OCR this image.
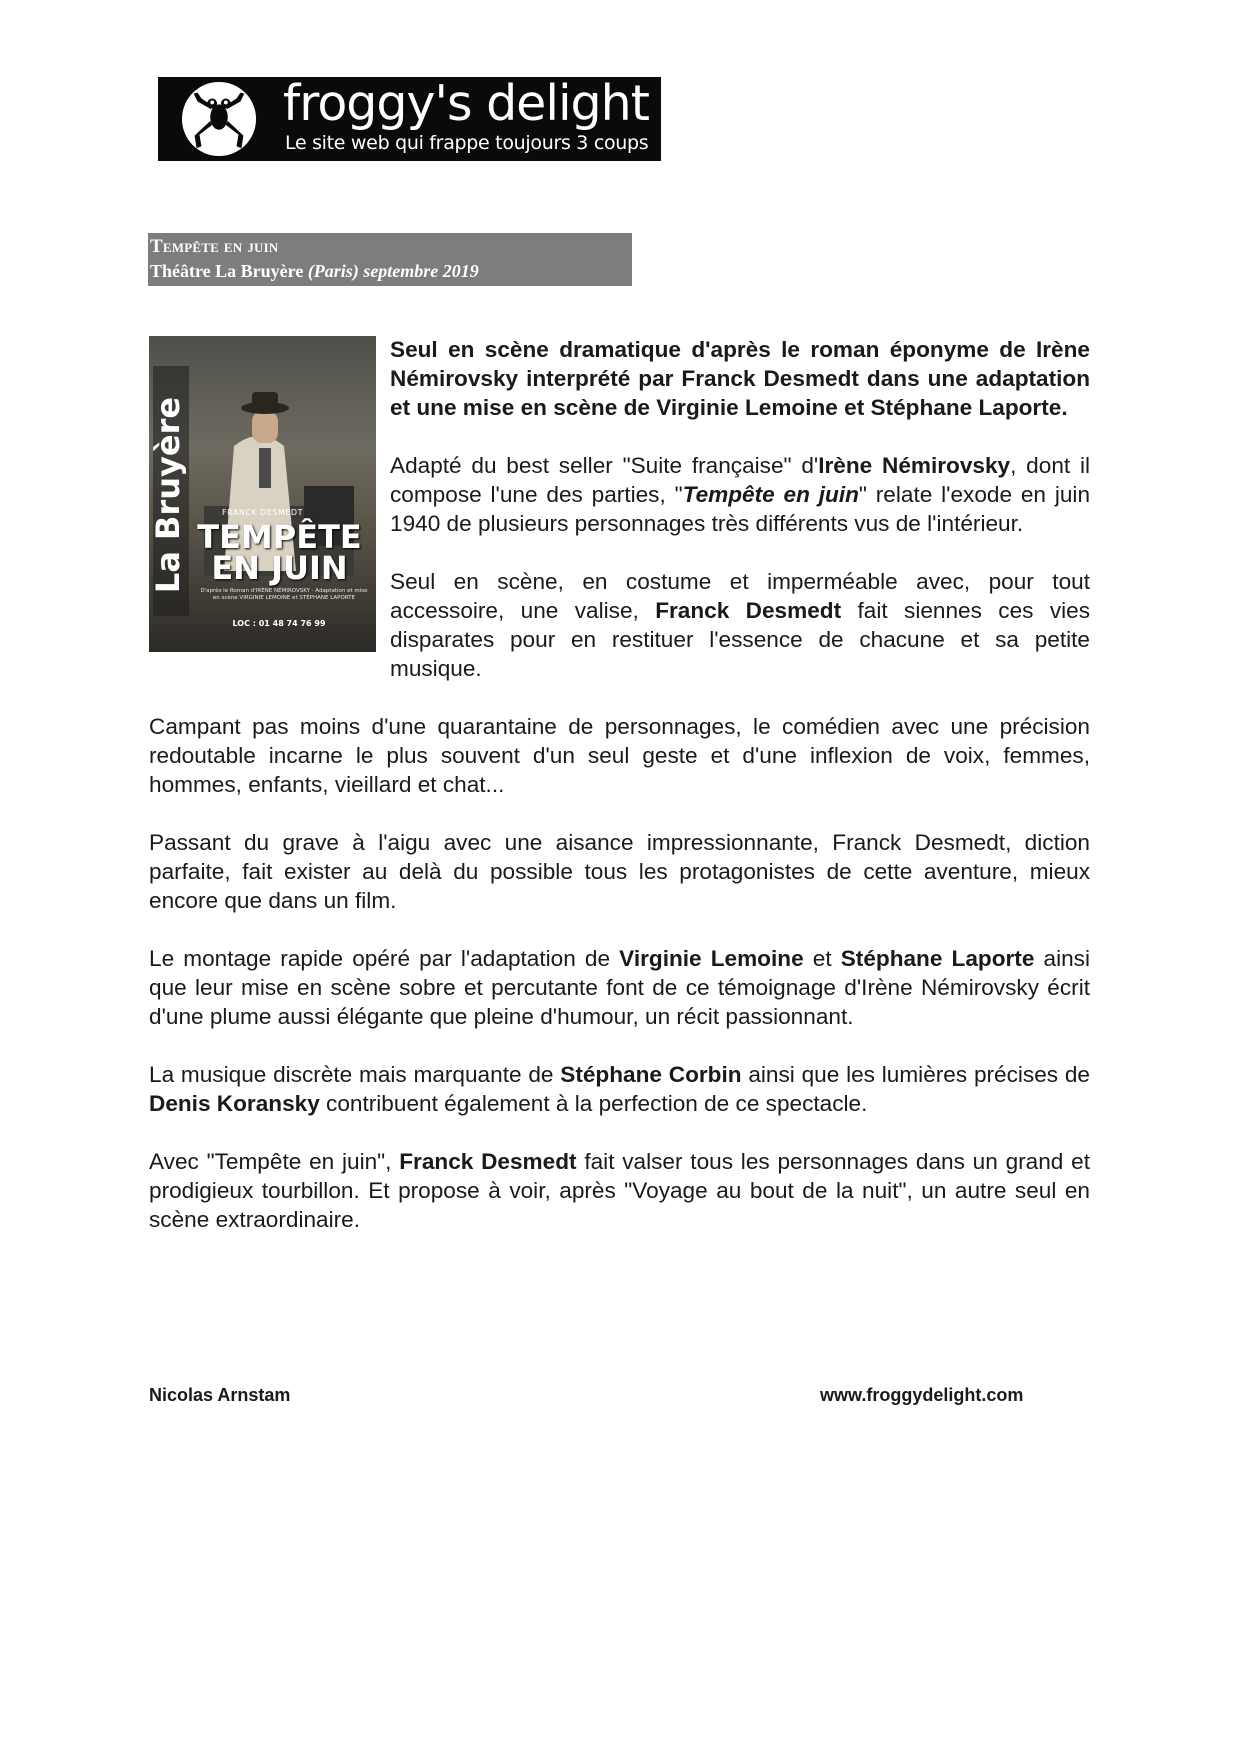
froggy's delight
Le site web qui frappe toujours 3 coups
Tempête en juin
Théâtre La Bruyère (Paris) septembre 2019
La Bruyère	FRANCK DESMEDT
TEMPÊTE
EN JUIN
D'après le Roman d'IRÈNE NÉMIROVSKY · Adaptation et mise en scène VIRGINIE LEMOINE et STÉPHANE LAPORTE
LOC : 01 48 74 76 99

Seul en scène dramatique d'après le roman éponyme de Irène Némirovsky interprété par Franck Desmedt dans une adaptation et une mise en scène de Virginie Lemoine et Stéphane Laporte.

Adapté du best seller "Suite française" d'Irène Némirovsky, dont il compose l'une des parties, "Tempête en juin" relate l'exode en juin 1940 de plusieurs personnages très différents vus de l'intérieur.

Seul en scène, en costume et imperméable avec, pour tout accessoire, une valise, Franck Desmedt fait siennes ces vies disparates pour en restituer l'essence de chacune et sa petite musique.

Campant pas moins d'une quarantaine de personnages, le comédien avec une précision redoutable incarne le plus souvent d'un seul geste et d'une inflexion de voix, femmes, hommes, enfants, vieillard et chat...

Passant du grave à l'aigu avec une aisance impressionnante, Franck Desmedt, diction parfaite, fait exister au delà du possible tous les protagonistes de cette aventure, mieux encore que dans un film.

Le montage rapide opéré par l'adaptation de Virginie Lemoine et Stéphane Laporte ainsi que leur mise en scène sobre et percutante font de ce témoignage d'Irène Némirovsky écrit d'une plume aussi élégante que pleine d'humour, un récit passionnant.

La musique discrète mais marquante de Stéphane Corbin ainsi que les lumières précises de Denis Koransky contribuent également à la perfection de ce spectacle.

Avec "Tempête en juin", Franck Desmedt fait valser tous les personnages dans un grand et prodigieux tourbillon. Et propose à voir, après "Voyage au bout de la nuit", un autre seul en scène extraordinaire.

Nicolas Arnstam	www.froggydelight.com
